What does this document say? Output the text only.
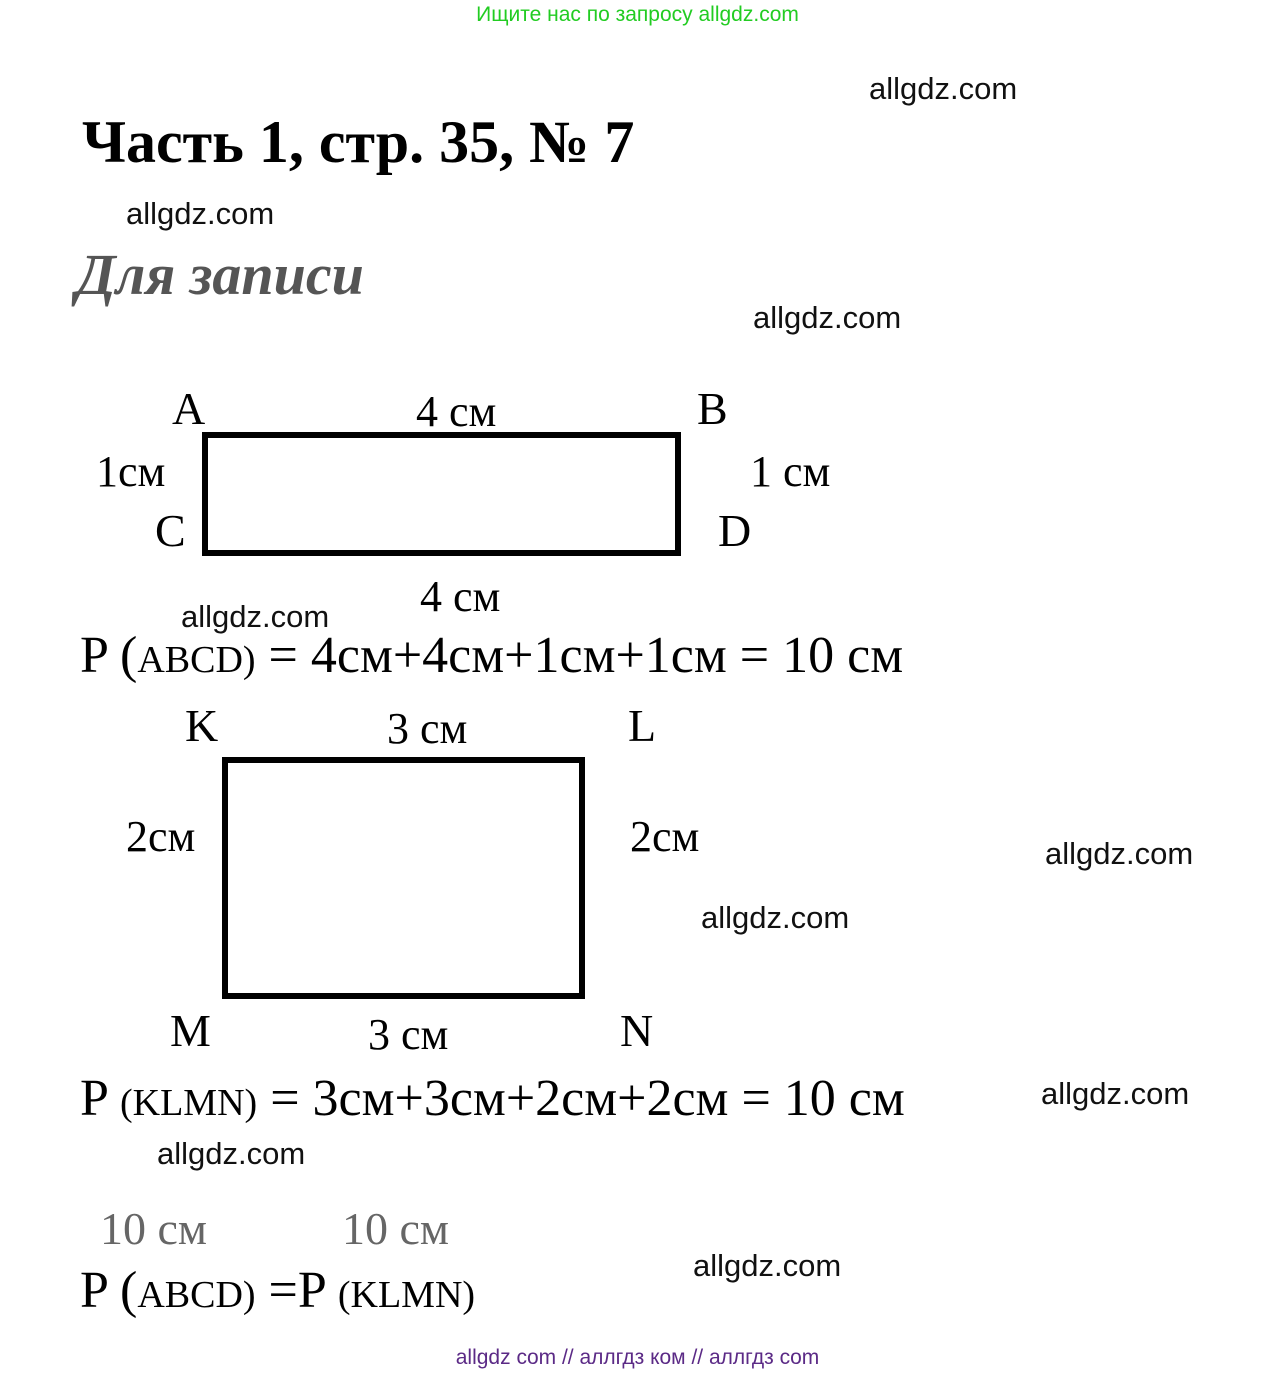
Ищите нас по запросу allgdz.com
allgdz.com
Часть 1, стр. 35, № 7
allgdz.com
Для записи
allgdz.com
A	B
C	D
4 см
1см	1 см
4 см
allgdz.com
P (ABCD) = 4см+4см+1см+1см = 10 см
K	L
M	N
3 см
2см	2см
3 см
allgdz.com
allgdz.com
P (KLMN) = 3см+3см+2см+2см = 10 см	allgdz.com
allgdz.com
10 см	10 см
allgdz.com
P (ABCD) =P (KLMN)
allgdz com // аллгдз ком // аллгдз com
